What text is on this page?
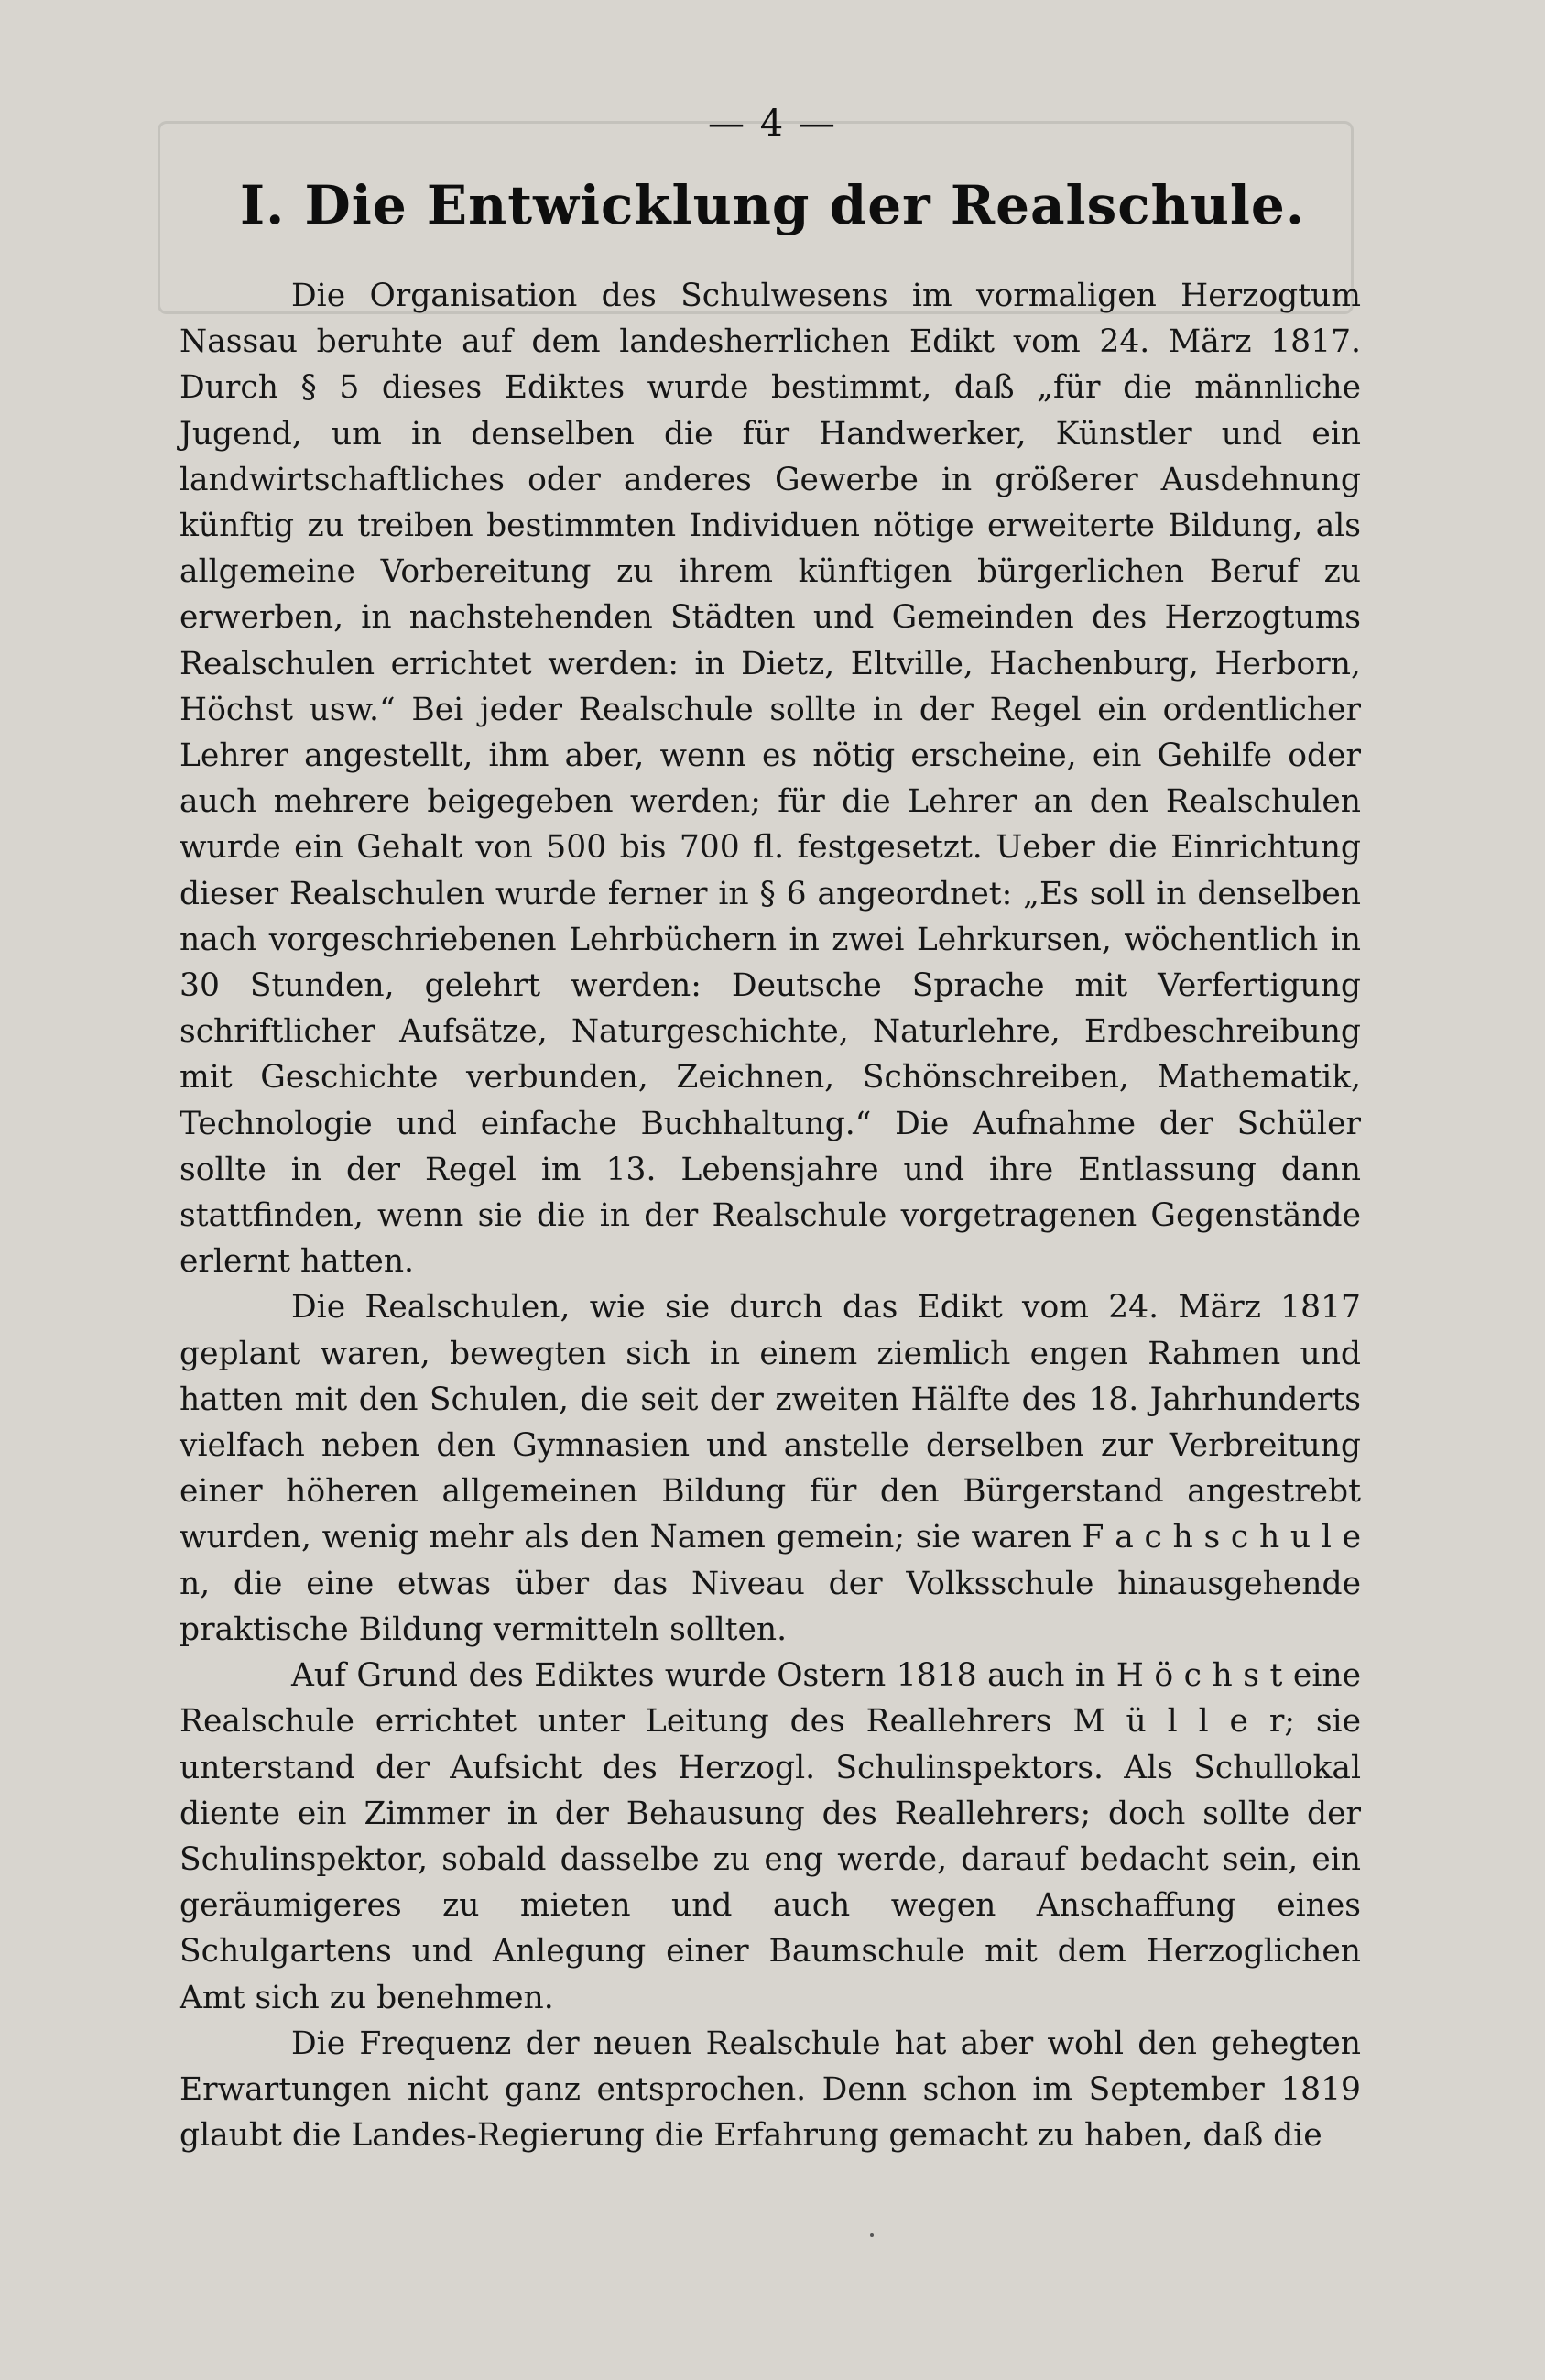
— 4 —
I. Die Entwicklung der Realschule.

Die Organisation des Schulwesens im vormaligen Herzogtum Nassau beruhte auf dem landesherrlichen Edikt vom 24. März 1817. Durch § 5 dieses Ediktes wurde bestimmt, daß „für die männliche Jugend, um in denselben die für Handwerker, Künstler und ein landwirtschaftliches oder anderes Gewerbe in größerer Ausdehnung künftig zu treiben bestimmten Individuen nötige erweiterte Bildung, als allgemeine Vorbereitung zu ihrem künftigen bürgerlichen Beruf zu erwerben, in nachstehenden Städten und Gemeinden des Herzogtums Realschulen errichtet werden: in Dietz, Eltville, Hachenburg, Herborn, Höchst usw.“ Bei jeder Realschule sollte in der Regel ein ordentlicher Lehrer angestellt, ihm aber, wenn es nötig erscheine, ein Gehilfe oder auch mehrere beigegeben werden; für die Lehrer an den Realschulen wurde ein Gehalt von 500 bis 700 fl. festgesetzt. Ueber die Einrichtung dieser Realschulen wurde ferner in § 6 angeordnet: „Es soll in denselben nach vorgeschriebenen Lehrbüchern in zwei Lehrkursen, wöchentlich in 30 Stunden, gelehrt werden: Deutsche Sprache mit Verfertigung schriftlicher Aufsätze, Naturgeschichte, Naturlehre, Erdbeschreibung mit Geschichte verbunden, Zeichnen, Schönschreiben, Mathematik, Technologie und einfache Buchhaltung.“ Die Aufnahme der Schüler sollte in der Regel im 13. Lebensjahre und ihre Entlassung dann stattfinden, wenn sie die in der Realschule vorgetragenen Gegenstände erlernt hatten.

Die Realschulen, wie sie durch das Edikt vom 24. März 1817 geplant waren, bewegten sich in einem ziemlich engen Rahmen und hatten mit den Schulen, die seit der zweiten Hälfte des 18. Jahrhunderts vielfach neben den Gymnasien und anstelle derselben zur Verbreitung einer höheren allgemeinen Bildung für den Bürgerstand angestrebt wurden, wenig mehr als den Namen gemein; sie waren F a c h s c h u l e n, die eine etwas über das Niveau der Volksschule hinausgehende praktische Bildung vermitteln sollten.

Auf Grund des Ediktes wurde Ostern 1818 auch in H ö c h s t eine Realschule errichtet unter Leitung des Reallehrers M ü l l e r; sie unterstand der Aufsicht des Herzogl. Schulinspektors. Als Schullokal diente ein Zimmer in der Behausung des Reallehrers; doch sollte der Schulinspektor, sobald dasselbe zu eng werde, darauf bedacht sein, ein geräumigeres zu mieten und auch wegen Anschaffung eines Schulgartens und Anlegung einer Baumschule mit dem Herzoglichen Amt sich zu benehmen.

Die Frequenz der neuen Realschule hat aber wohl den gehegten Erwartungen nicht ganz entsprochen. Denn schon im September 1819 glaubt die Landes-Regierung die Erfahrung gemacht zu haben, daß die
